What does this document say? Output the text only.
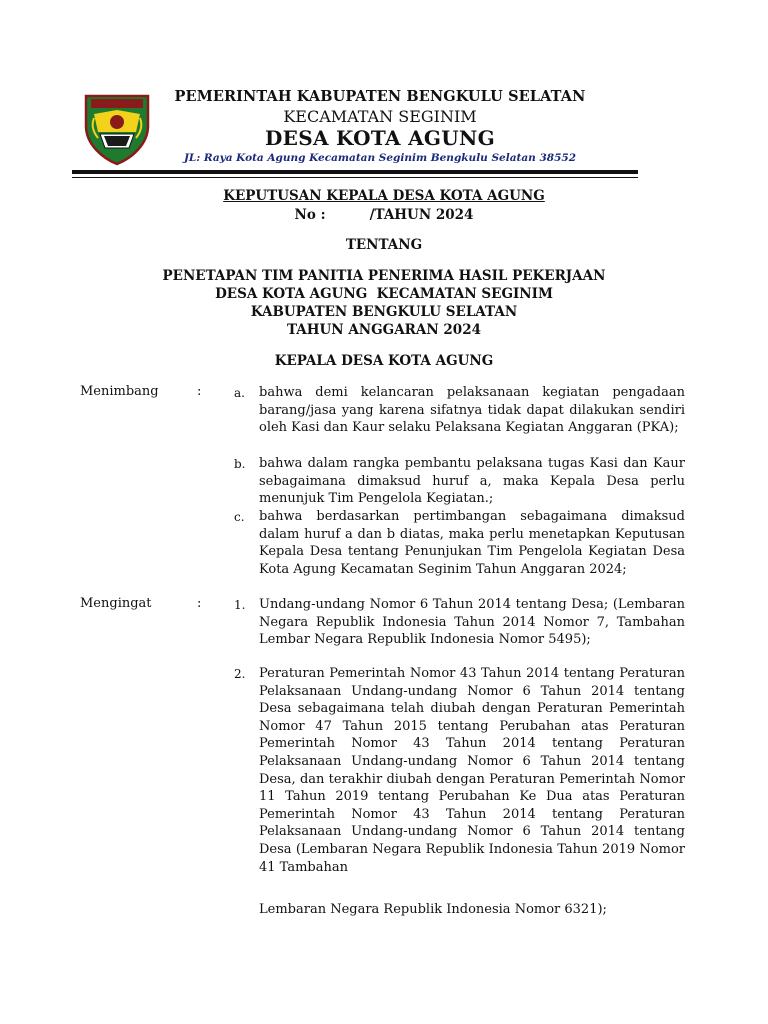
PEMERINTAH KABUPATEN BENGKULU SELATAN
KECAMATAN SEGINIM
DESA KOTA AGUNG
JL: Raya Kota Agung Kecamatan Seginim Bengkulu Selatan 38552
KEPUTUSAN KEPALA DESA KOTA AGUNG
No :	/TAHUN 2024
TENTANG
PENETAPAN TIM PANITIA PENERIMA HASIL PEKERJAAN
DESA KOTA AGUNG  KECAMATAN SEGINIM
KABUPATEN BENGKULU SELATAN
TAHUN ANGGARAN 2024
KEPALA DESA KOTA AGUNG
Menimbang	:	a. bahwa demi kelancaran pelaksanaan kegiatan pengadaan barang/jasa yang karena sifatnya tidak dapat dilakukan sendiri oleh Kasi dan Kaur selaku Pelaksana Kegiatan Anggaran (PKA);
b. bahwa dalam rangka pembantu pelaksana tugas Kasi dan Kaur sebagaimana dimaksud huruf a, maka Kepala Desa perlu menunjuk Tim Pengelola Kegiatan.;
c. bahwa berdasarkan pertimbangan sebagaimana dimaksud dalam huruf a dan b diatas, maka perlu menetapkan Keputusan Kepala Desa tentang Penunjukan Tim Pengelola Kegiatan Desa Kota Agung Kecamatan Seginim Tahun Anggaran 2024;
Mengingat	:	1. Undang-undang Nomor 6 Tahun 2014 tentang Desa; (Lembaran Negara Republik Indonesia Tahun 2014 Nomor 7, Tambahan Lembar Negara Republik Indonesia Nomor 5495);
2. Peraturan Pemerintah Nomor 43 Tahun 2014 tentang Peraturan Pelaksanaan Undang-undang Nomor 6 Tahun 2014 tentang Desa sebagaimana telah diubah dengan Peraturan Pemerintah Nomor 47 Tahun 2015 tentang Perubahan atas Peraturan Pemerintah Nomor 43 Tahun 2014 tentang Peraturan Pelaksanaan Undang-undang Nomor 6 Tahun 2014 tentang Desa, dan terakhir diubah dengan Peraturan Pemerintah Nomor 11 Tahun 2019 tentang Perubahan Ke Dua atas Peraturan Pemerintah Nomor 43 Tahun 2014 tentang Peraturan Pelaksanaan Undang-undang Nomor 6 Tahun 2014 tentang Desa (Lembaran Negara Republik Indonesia Tahun 2019 Nomor 41 Tambahan
Lembaran Negara Republik Indonesia Nomor 6321);
